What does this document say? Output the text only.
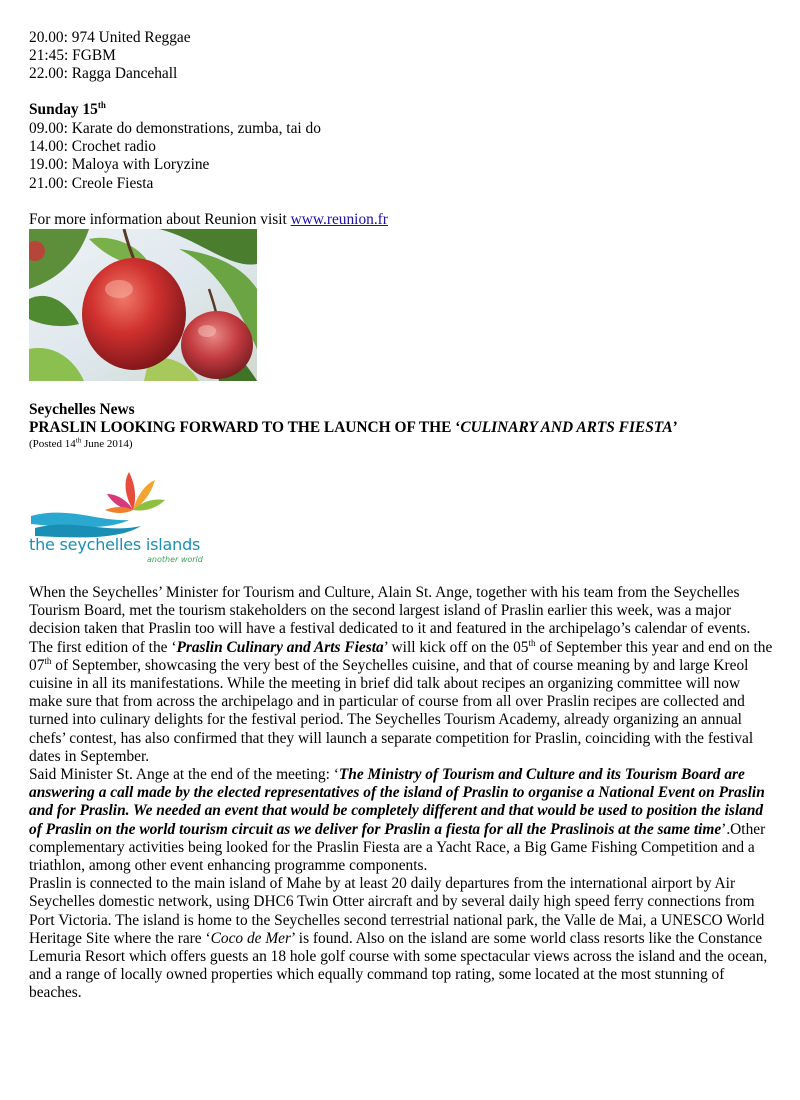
20.00: 974 United Reggae
21:45: FGBM
22.00: Ragga Dancehall
Sunday 15th
09.00: Karate do demonstrations, zumba, tai do
14.00: Crochet radio
19.00: Maloya with Loryzine
21.00: Creole Fiesta
For more information about Reunion visit www.reunion.fr
Seychelles News
PRASLIN LOOKING FORWARD TO THE LAUNCH OF THE ‘CULINARY AND ARTS FIESTA’
(Posted 14th June 2014)
the seychelles islands
another world
When the Seychelles’ Minister for Tourism and Culture, Alain St. Ange, together with his team from the Seychelles Tourism Board, met the tourism stakeholders on the second largest island of Praslin earlier this week, was a major decision taken that Praslin too will have a festival dedicated to it and featured in the archipelago’s calendar of events.
The first edition of the ‘Praslin Culinary and Arts Fiesta’ will kick off on the 05th of September this year and end on the 07th of September, showcasing the very best of the Seychelles cuisine, and that of course meaning by and large Kreol cuisine in all its manifestations. While the meeting in brief did talk about recipes an organizing committee will now make sure that from across the archipelago and in particular of course from all over Praslin recipes are collected and turned into culinary delights for the festival period. The Seychelles Tourism Academy, already organizing an annual chefs’ contest, has also confirmed that they will launch a separate competition for Praslin, coinciding with the festival dates in September.
Said Minister St. Ange at the end of the meeting: ‘The Ministry of Tourism and Culture and its Tourism Board are answering a call made by the elected representatives of the island of Praslin to organise a National Event on Praslin and for Praslin. We needed an event that would be completely different and that would be used to position the island of Praslin on the world tourism circuit as we deliver for Praslin a fiesta for all the Praslinois at the same time’.Other complementary activities being looked for the Praslin Fiesta are a Yacht Race, a Big Game Fishing Competition and a triathlon, among other event enhancing programme components.
Praslin is connected to the main island of Mahe by at least 20 daily departures from the international airport by Air Seychelles domestic network, using DHC6 Twin Otter aircraft and by several daily high speed ferry connections from Port Victoria. The island is home to the Seychelles second terrestrial national park, the Valle de Mai, a UNESCO World Heritage Site where the rare ‘Coco de Mer’ is found. Also on the island are some world class resorts like the Constance Lemuria Resort which offers guests an 18 hole golf course with some spectacular views across the island and the ocean, and a range of locally owned properties which equally command top rating, some located at the most stunning of beaches.
